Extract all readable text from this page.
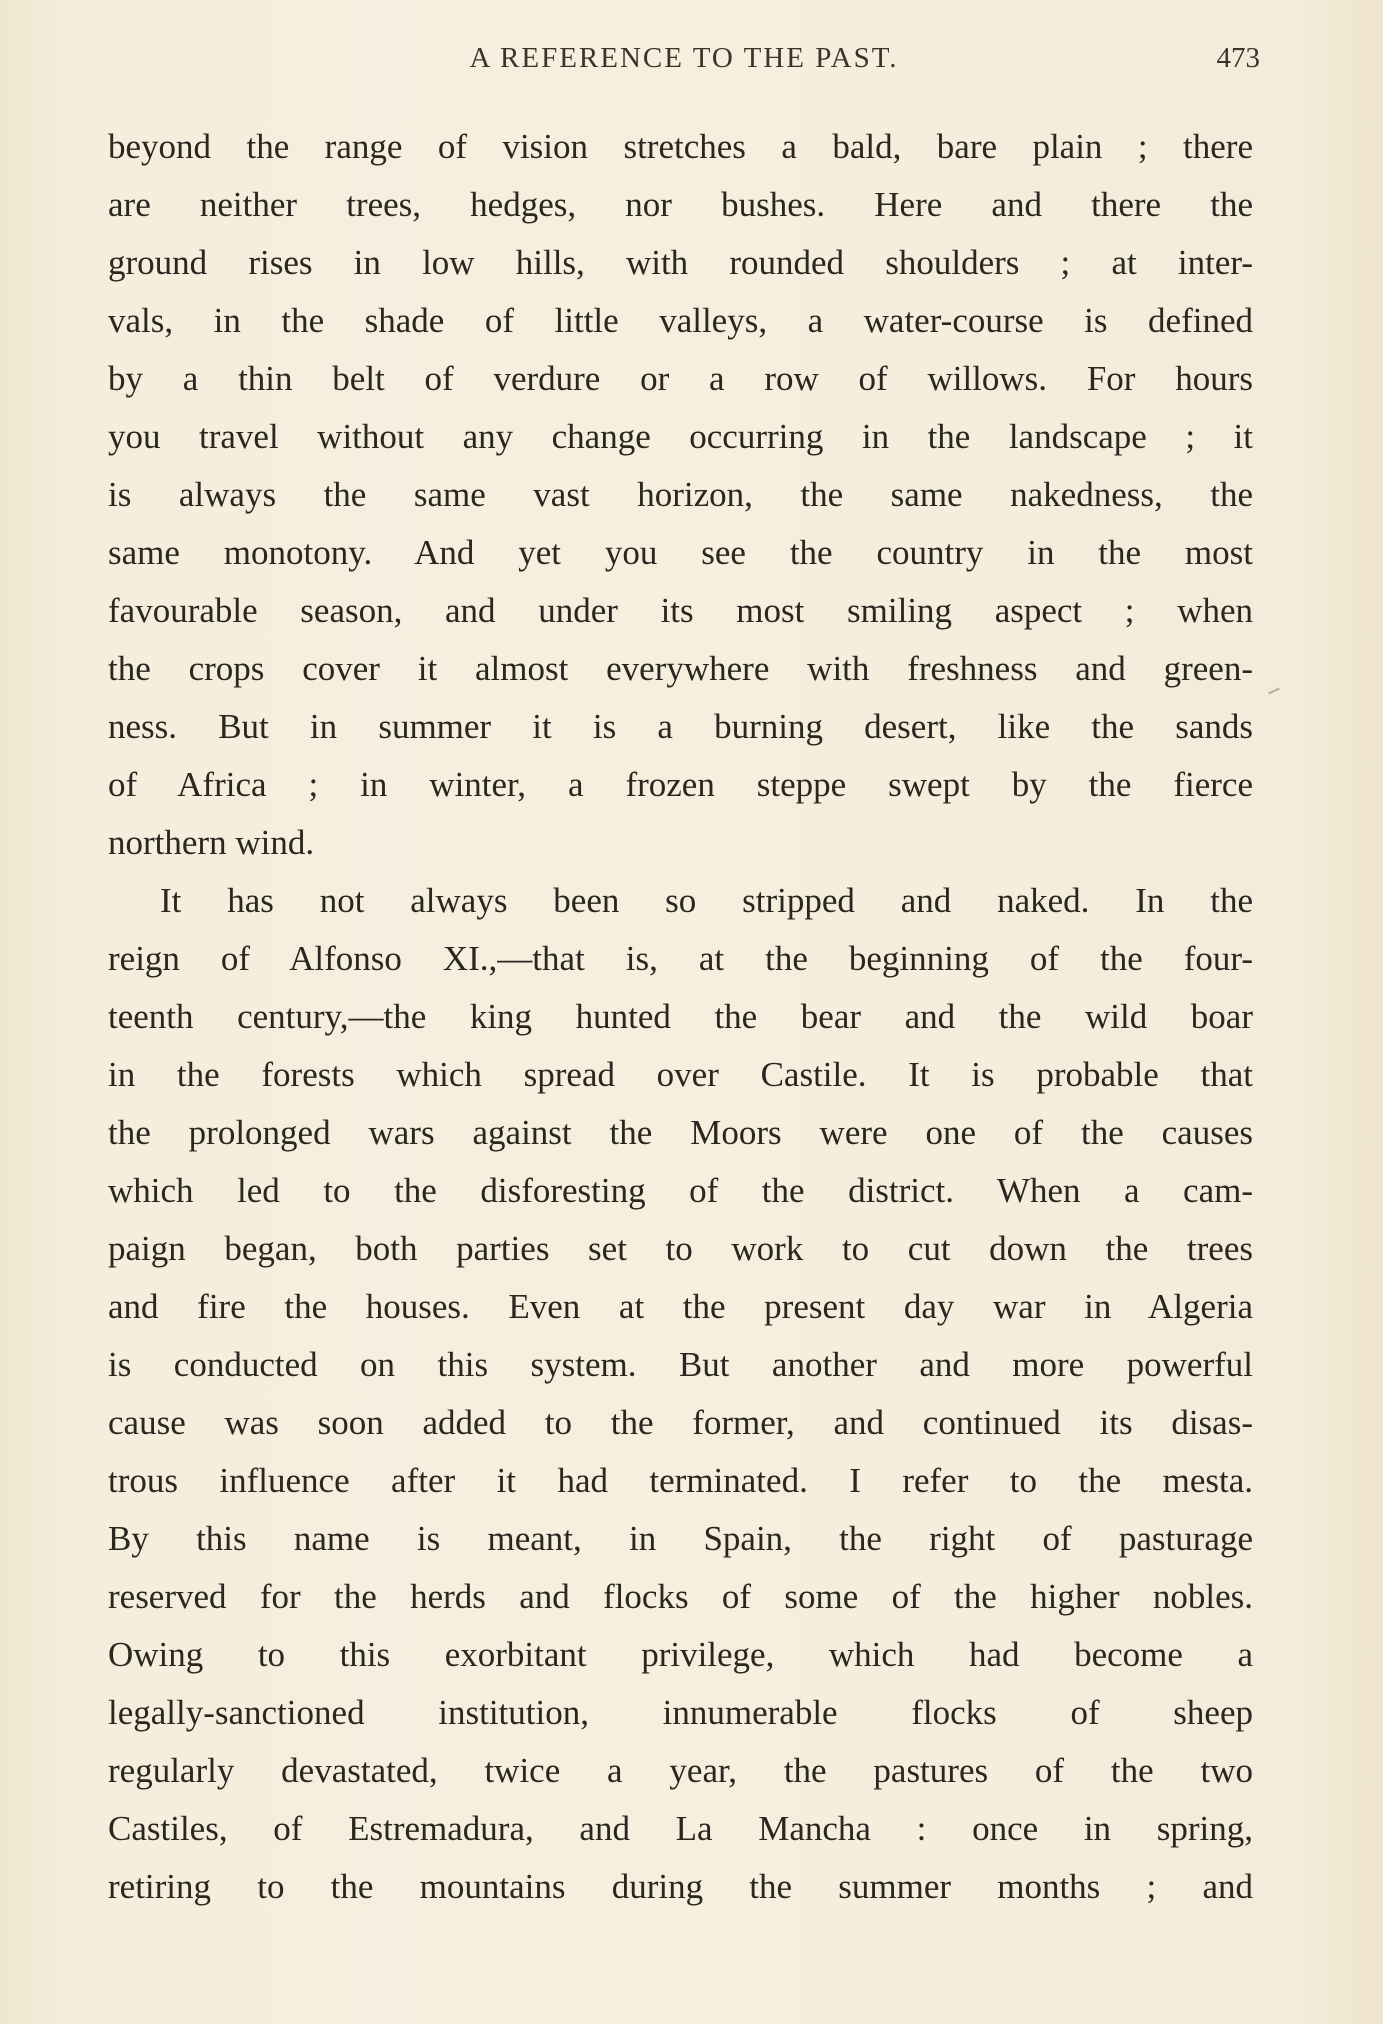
A REFERENCE TO THE PAST.	473
beyond the range of vision stretches a bald, bare plain ; there
are neither trees, hedges, nor bushes. Here and there the
ground rises in low hills, with rounded shoulders ; at inter-
vals, in the shade of little valleys, a water-course is defined
by a thin belt of verdure or a row of willows. For hours
you travel without any change occurring in the landscape ; it
is always the same vast horizon, the same nakedness, the
same monotony. And yet you see the country in the most
favourable season, and under its most smiling aspect ; when
the crops cover it almost everywhere with freshness and green-
ness. But in summer it is a burning desert, like the sands
of Africa ; in winter, a frozen steppe swept by the fierce
northern wind.
It has not always been so stripped and naked. In the
reign of Alfonso XI.,—that is, at the beginning of the four-
teenth century,—the king hunted the bear and the wild boar
in the forests which spread over Castile. It is probable that
the prolonged wars against the Moors were one of the causes
which led to the disforesting of the district. When a cam-
paign began, both parties set to work to cut down the trees
and fire the houses. Even at the present day war in Algeria
is conducted on this system. But another and more powerful
cause was soon added to the former, and continued its disas-
trous influence after it had terminated. I refer to the mesta.
By this name is meant, in Spain, the right of pasturage
reserved for the herds and flocks of some of the higher nobles.
Owing to this exorbitant privilege, which had become a
legally-sanctioned institution, innumerable flocks of sheep
regularly devastated, twice a year, the pastures of the two
Castiles, of Estremadura, and La Mancha : once in spring,
retiring to the mountains during the summer months ; and
